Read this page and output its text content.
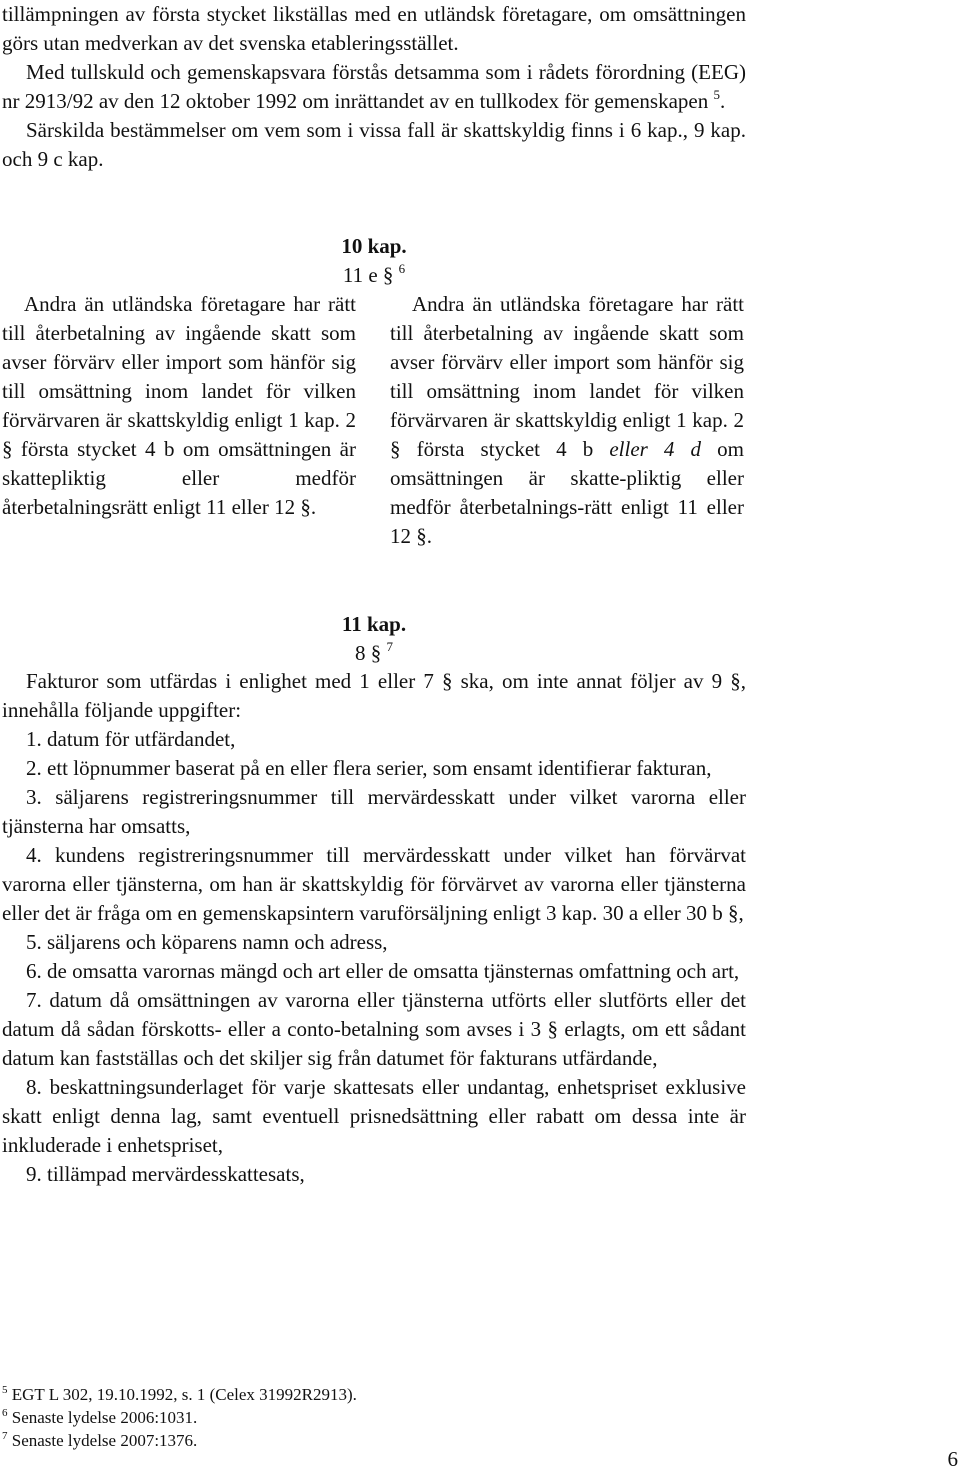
tillämpningen av första stycket likställas med en utländsk företagare, om omsättningen görs utan medverkan av det svenska etableringsstället.

Med tullskuld och gemenskapsvara förstås detsamma som i rådets förordning (EEG) nr 2913/92 av den 12 oktober 1992 om inrättandet av en tullkodex för gemenskapen $^5$.

Särskilda bestämmelser om vem som i vissa fall är skattskyldig finns i 6 kap., 9 kap. och 9 c kap.

10 kap.
11 e § $^6$

Andra än utländska företagare har rätt till återbetalning av ingående skatt som avser förvärv eller import som hänför sig till omsättning inom landet för vilken förvärvaren är skattskyldig enligt 1 kap. 2 § första stycket 4 b om omsättningen är skattepliktig eller medför återbetalningsrätt enligt 11 eller 12 §.

Andra än utländska företagare har rätt till återbetalning av ingående skatt som avser förvärv eller import som hänför sig till omsättning inom landet för vilken förvärvaren är skattskyldig enligt 1 kap. 2 § första stycket 4 b eller 4 d om omsättningen är skatte-pliktig eller medför återbetalnings-rätt enligt 11 eller 12 §.

11 kap.
8 § $^7$

Fakturor som utfärdas i enlighet med 1 eller 7 § ska, om inte annat följer av 9 §, innehålla följande uppgifter:

1. datum för utfärdandet,

2. ett löpnummer baserat på en eller flera serier, som ensamt identifierar fakturan,

3. säljarens registreringsnummer till mervärdesskatt under vilket varorna eller tjänsterna har omsatts,

4. kundens registreringsnummer till mervärdesskatt under vilket han förvärvat varorna eller tjänsterna, om han är skattskyldig för förvärvet av varorna eller tjänsterna eller det är fråga om en gemenskapsintern varuförsäljning enligt 3 kap. 30 a eller 30 b §,

5. säljarens och köparens namn och adress,

6. de omsatta varornas mängd och art eller de omsatta tjänsternas omfattning och art,

7. datum då omsättningen av varorna eller tjänsterna utförts eller slutförts eller det datum då sådan förskotts- eller a conto-betalning som avses i 3 § erlagts, om ett sådant datum kan fastställas och det skiljer sig från datumet för fakturans utfärdande,

8. beskattningsunderlaget för varje skattesats eller undantag, enhetspriset exklusive skatt enligt denna lag, samt eventuell prisnedsättning eller rabatt om dessa inte är inkluderade i enhetspriset,

9. tillämpad mervärdesskattesats,

$^5$ EGT L 302, 19.10.1992, s. 1 (Celex 31992R2913).

$^6$ Senaste lydelse 2006:1031.

$^7$ Senaste lydelse 2007:1376.

6
